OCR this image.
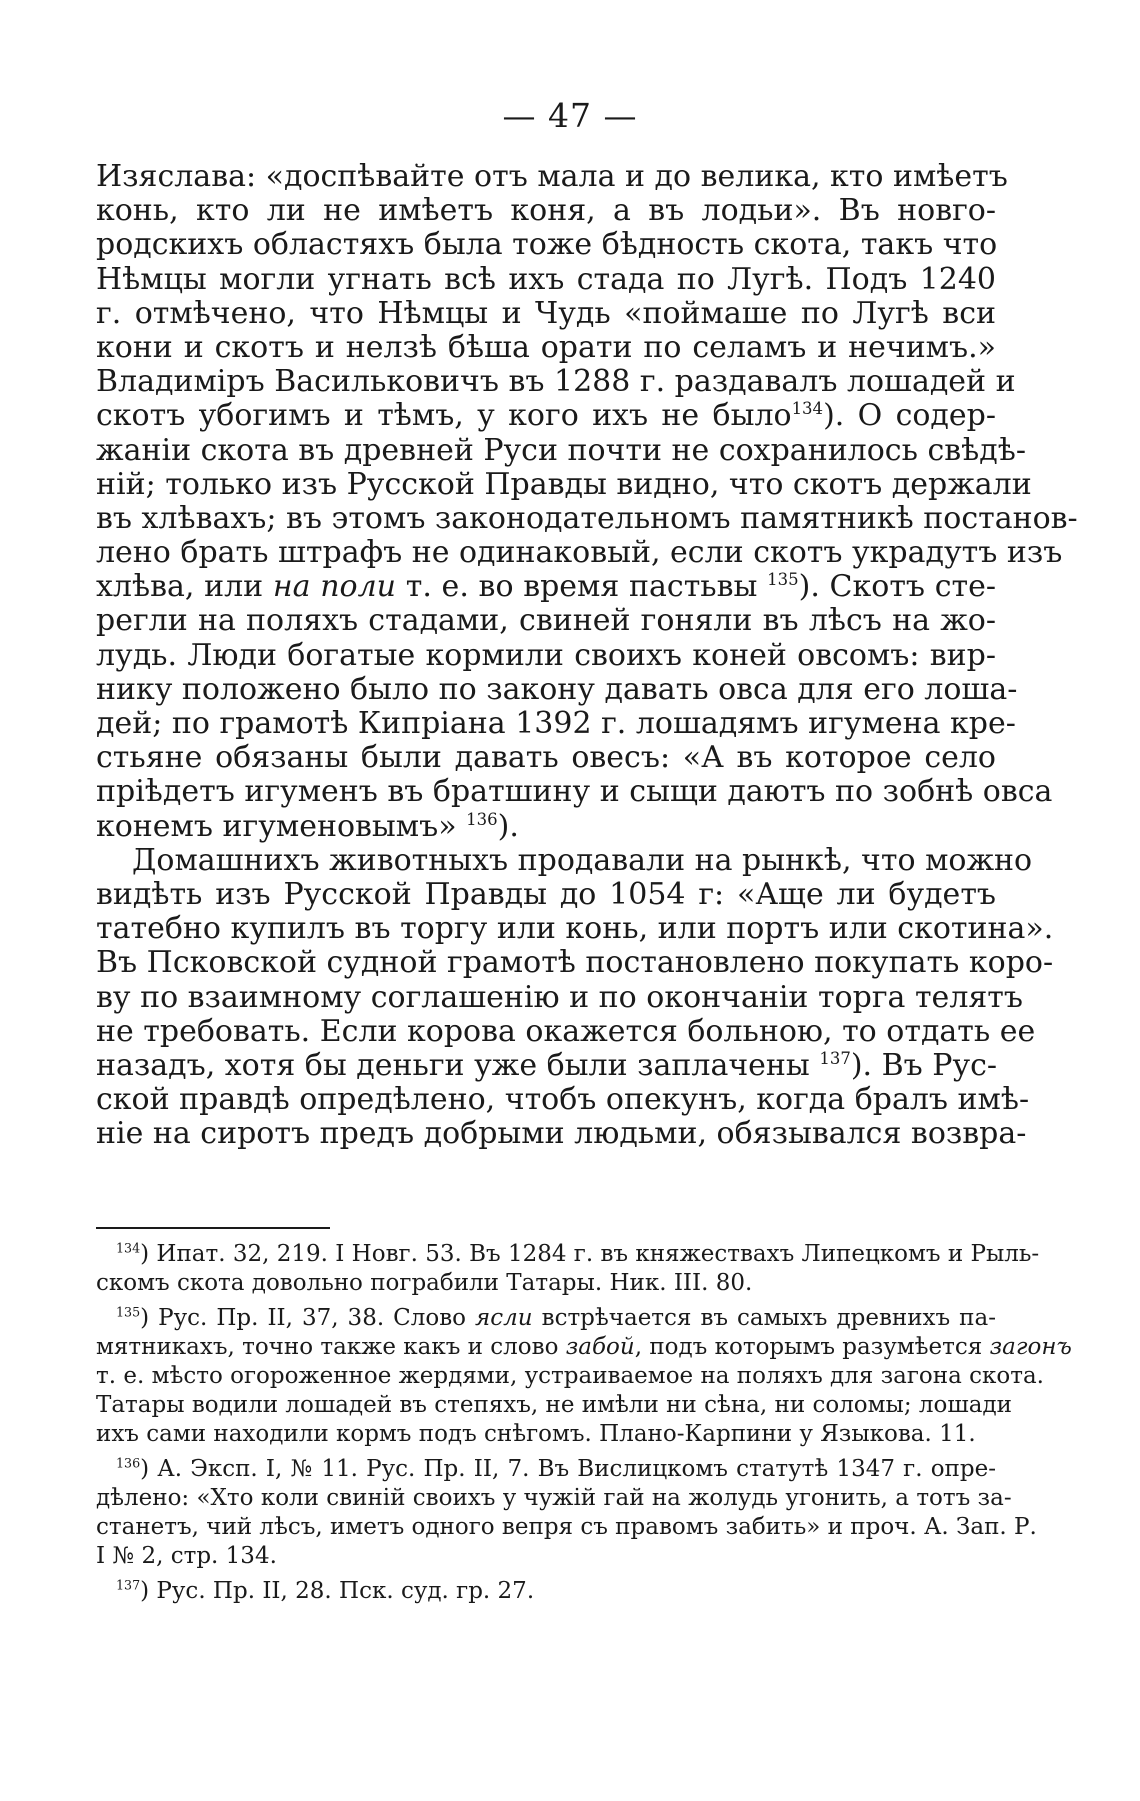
— 47 —
Изяслава: «доспѣвайте отъ мала и до велика, кто имѣетъ
конь, кто ли не имѣетъ коня, а въ лодьи». Въ новго-
родскихъ областяхъ была тоже бѣдность скота, такъ что
Нѣмцы могли угнать всѣ ихъ стада по Лугѣ. Подъ 1240
г. отмѣчено, что Нѣмцы и Чудь «поймаше по Лугѣ вси
кони и скотъ и нелзѣ бѣша орати по селамъ и нечимъ.»
Владимiръ Васильковичъ въ 1288 г. раздавалъ лошадей и
скотъ убогимъ и тѣмъ, у кого ихъ не было$^{134}$). О содер-
жанiи скота въ древней Руси почти не сохранилось свѣдѣ-
нiй; только изъ Русской Правды видно, что скотъ держали
въ хлѣвахъ; въ этомъ законодательномъ памятникѣ постанов-
лено брать штрафъ не одинаковый, если скотъ украдутъ изъ
хлѣва, или на поли т. е. во время пастьвы $^{135}$). Скотъ сте-
регли на поляхъ стадами, свиней гоняли въ лѣсъ на жо-
лудь. Люди богатые кормили своихъ коней овсомъ: вир-
нику положено было по закону давать овса для его лоша-
дей; по грамотѣ Кипрiана 1392 г. лошадямъ игумена кре-
стьяне обязаны были давать овесъ: «А въ которое село
прiѣдетъ игуменъ въ братшину и сыщи даютъ по зобнѣ овса
конемъ игуменовымъ» $^{136}$).
Домашнихъ животныхъ продавали на рынкѣ, что можно
видѣть изъ Русской Правды до 1054 г: «Аще ли будетъ
татебно купилъ въ торгу или конь, или портъ или скотина».
Въ Псковской судной грамотѣ постановлено покупать коро-
ву по взаимному соглашенiю и по окончанiи торга телятъ
не требовать. Если корова окажется больною, то отдать ее
назадъ, хотя бы деньги уже были заплачены $^{137}$). Въ Рус-
ской правдѣ опредѣлено, чтобъ опекунъ, когда бралъ имѣ-
нiе на сиротъ предъ добрыми людьми, обязывался возвра-
$^{134}$) Ипат. 32, 219. I Новг. 53. Въ 1284 г. въ княжествахъ Липецкомъ и Рыль-
скомъ скота довольно пограбили Татары. Ник. III. 80.
$^{135}$) Рус. Пр. II, 37, 38. Слово ясли встрѣчается въ самыхъ древнихъ па-
мятникахъ, точно также какъ и слово забой, подъ которымъ разумѣется загонъ
т. е. мѣсто огороженное жердями, устраиваемое на поляхъ для загона скота.
Татары водили лошадей въ степяхъ, не имѣли ни сѣна, ни соломы; лошади
ихъ сами находили кормъ подъ снѣгомъ. Плано-Карпини у Языкова. 11.
$^{136}$) А. Эксп. I, № 11. Рус. Пр. II, 7. Въ Вислицкомъ статутѣ 1347 г. опре-
дѣлено: «Хто коли свиній своихъ у чужій гай на жолудь угонить, а тотъ за-
станетъ, чий лѣсъ, иметъ одного вепря съ правомъ забить» и проч. А. Зап. Р.
I № 2, стр. 134.
$^{137}$) Рус. Пр. II, 28. Пск. суд. гр. 27.
